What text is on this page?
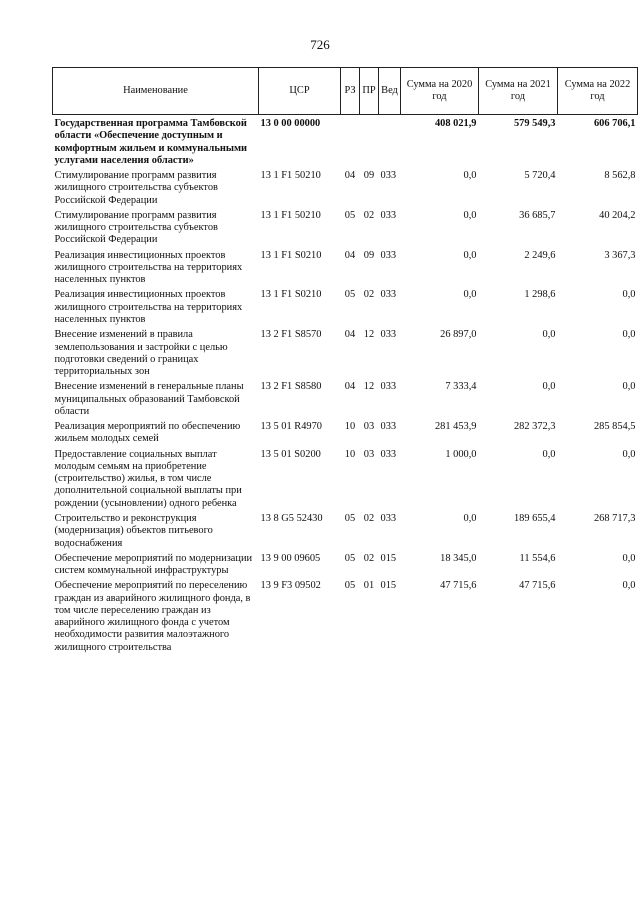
726
Наименование	ЦСР	РЗ	ПР	Вед	Сумма на 2020 год	Сумма на 2021 год	Сумма на 2022 год
Государственная программа Тамбовской области «Обеспечение доступным и комфортным жильем и коммунальными услугами населения области»	13 0 00 00000				408 021,9	579 549,3	606 706,1
Стимулирование программ развития жилищного строительства субъектов Российской Федерации	13 1 F1 50210	04	09	033	0,0	5 720,4	8 562,8
Стимулирование программ развития жилищного строительства субъектов Российской Федерации	13 1 F1 50210	05	02	033	0,0	36 685,7	40 204,2
Реализация инвестиционных проектов жилищного строительства на территориях населенных пунктов	13 1 F1 S0210	04	09	033	0,0	2 249,6	3 367,3
Реализация инвестиционных проектов жилищного строительства на территориях населенных пунктов	13 1 F1 S0210	05	02	033	0,0	1 298,6	0,0
Внесение изменений в правила землепользования и застройки с целью подготовки сведений о границах территориальных зон	13 2 F1 S8570	04	12	033	26 897,0	0,0	0,0
Внесение изменений в генеральные планы муниципальных образований Тамбовской области	13 2 F1 S8580	04	12	033	7 333,4	0,0	0,0
Реализация мероприятий по обеспечению жильем молодых семей	13 5 01 R4970	10	03	033	281 453,9	282 372,3	285 854,5
Предоставление социальных выплат молодым семьям на приобретение (строительство) жилья, в том числе дополнительной социальной выплаты при рождении (усыновлении) одного ребенка	13 5 01 S0200	10	03	033	1 000,0	0,0	0,0
Строительство и реконструкция (модернизация) объектов питьевого водоснабжения	13 8 G5 52430	05	02	033	0,0	189 655,4	268 717,3
Обеспечение мероприятий по модернизации систем коммунальной инфраструктуры	13 9 00 09605	05	02	015	18 345,0	11 554,6	0,0
Обеспечение мероприятий по переселению граждан из аварийного жилищного фонда, в том числе переселению граждан из аварийного жилищного фонда с учетом необходимости развития малоэтажного жилищного строительства	13 9 F3 09502	05	01	015	47 715,6	47 715,6	0,0
